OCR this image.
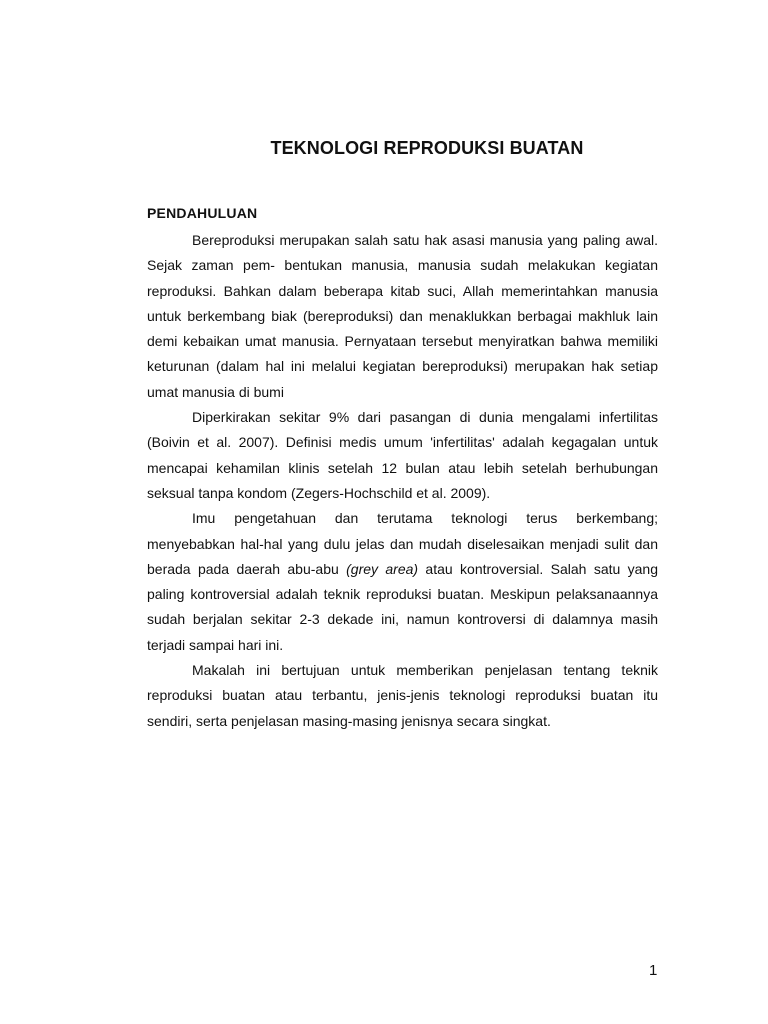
TEKNOLOGI REPRODUKSI BUATAN
PENDAHULUAN

Bereproduksi merupakan salah satu hak asasi manusia yang paling awal. Sejak zaman pem- bentukan manusia, manusia sudah melakukan kegiatan reproduksi. Bahkan dalam beberapa kitab suci, Allah memerintahkan manusia untuk berkembang biak (bereproduksi) dan menaklukkan berbagai makhluk lain demi kebaikan umat manusia. Pernyataan tersebut menyiratkan bahwa memiliki keturunan (dalam hal ini melalui kegiatan bereproduksi) merupakan hak setiap umat manusia di bumi

Diperkirakan sekitar 9% dari pasangan di dunia mengalami infertilitas (Boivin et al. 2007). Definisi medis umum 'infertilitas' adalah kegagalan untuk mencapai kehamilan klinis setelah 12 bulan atau lebih setelah berhubungan seksual tanpa kondom (Zegers-Hochschild et al. 2009).

Imu pengetahuan dan terutama teknologi terus berkembang; menyebabkan hal-hal yang dulu jelas dan mudah diselesaikan menjadi sulit dan berada pada daerah abu-abu (grey area) atau kontroversial. Salah satu yang paling kontroversial adalah teknik reproduksi buatan. Meskipun pelaksanaannya sudah berjalan sekitar 2-3 dekade ini, namun kontroversi di dalamnya masih terjadi sampai hari ini.

Makalah ini bertujuan untuk memberikan penjelasan tentang teknik reproduksi buatan atau terbantu, jenis-jenis teknologi reproduksi buatan itu sendiri, serta penjelasan masing-masing jenisnya secara singkat.

1
